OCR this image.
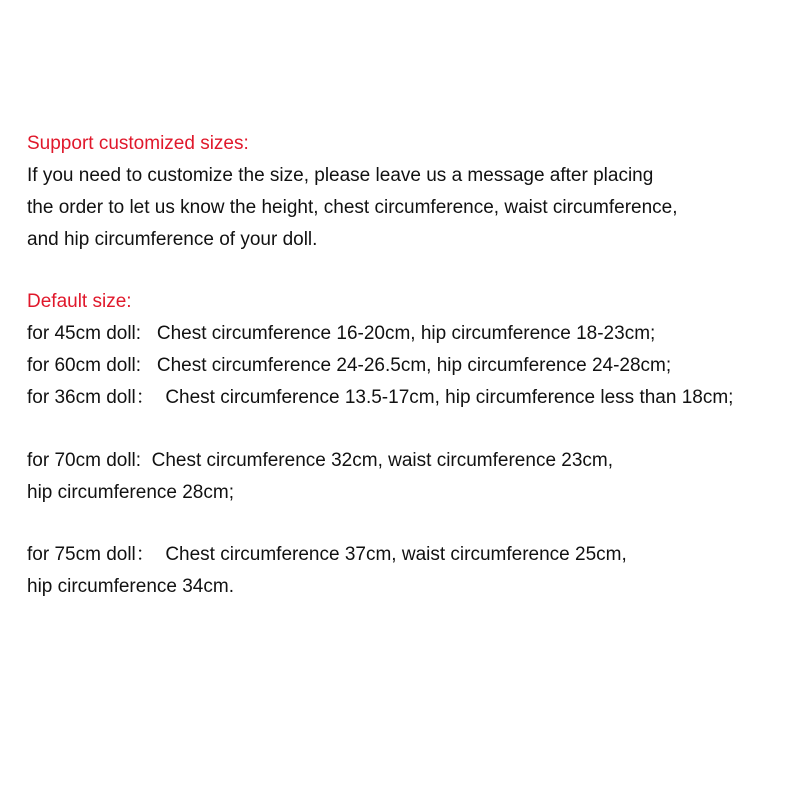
Support customized sizes:
If you need to customize the size, please leave us a message after placing
the order to let us know the height, chest circumference, waist circumference,
and hip circumference of your doll.
Default size:
for 45cm doll:   Chest circumference 16-20cm, hip circumference 18-23cm;
for 60cm doll:   Chest circumference 24-26.5cm, hip circumference 24-28cm;
for 36cm doll：  Chest circumference 13.5-17cm, hip circumference less than 18cm;
for 70cm doll:  Chest circumference 32cm, waist circumference 23cm,
hip circumference 28cm;
for 75cm doll：  Chest circumference 37cm, waist circumference 25cm,
hip circumference 34cm.
